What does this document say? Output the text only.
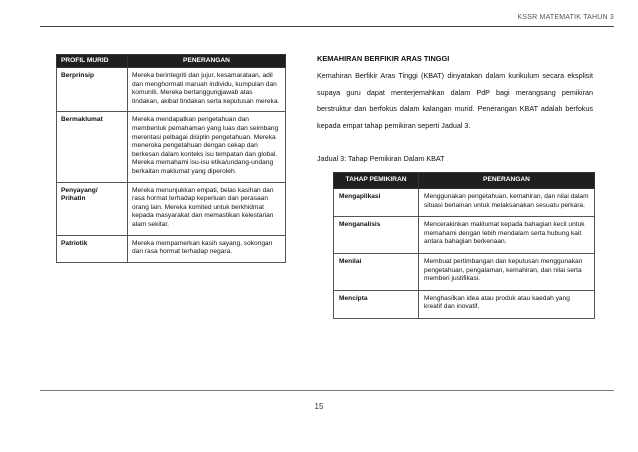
KSSR MATEMATIK TAHUN 3
PROFIL MURID	PENERANGAN
Berprinsip	Mereka berintegriti dan jujur, kesamarataan, adil dan menghormati maruah individu, kumpulan dan komuniti. Mereka bertanggungjawab atas tindakan, akibat tindakan serta keputusan mereka.
Bermaklumat	Mereka mendapatkan pengetahuan dan membentuk pemahaman yang luas dan seimbang merentasi pelbagai disiplin pengetahuan. Mereka meneroka pengetahuan dengan cekap dan berkesan dalam konteks isu tempatan dan global. Mereka memahami isu-isu etika/undang-undang berkaitan maklumat yang diperoleh.
Penyayang/ Prihatin	Mereka menunjukkan empati, belas kasihan dan rasa hormat terhadap keperluan dan perasaan orang lain. Mereka komited untuk berkhidmat kepada masyarakat dan memastikan kelestarian alam sekitar.
Patriotik	Mereka mempamerkan kasih sayang, sokongan dan rasa hormat terhadap negara.
KEMAHIRAN BERFIKIR ARAS TINGGI
Kemahiran Berfikir Aras Tinggi (KBAT) dinyatakan dalam kurikulum secara eksplisit supaya guru dapat menterjemahkan dalam PdP bagi merangsang pemikiran berstruktur dan berfokus dalam kalangan murid. Penerangan KBAT adalah berfokus kepada empat tahap pemikiran seperti Jadual 3.
Jadual 3: Tahap Pemikiran Dalam KBAT
TAHAP PEMIKIRAN	PENERANGAN
Mengaplikasi	Menggunakan pengetahuan, kemahiran, dan nilai dalam situasi berlainan untuk melaksanakan sesuatu perkara.
Menganalisis	Mencerakinkan maklumat kepada bahagian kecil untuk memahami dengan lebih mendalam serta hubung kait antara bahagian berkenaan.
Menilai	Membuat pertimbangan dan keputusan menggunakan pengetahuan, pengalaman, kemahiran, dan nilai serta memberi justifikasi.
Mencipta	Menghasilkan idea atau produk atau kaedah yang kreatif dan inovatif.
15
